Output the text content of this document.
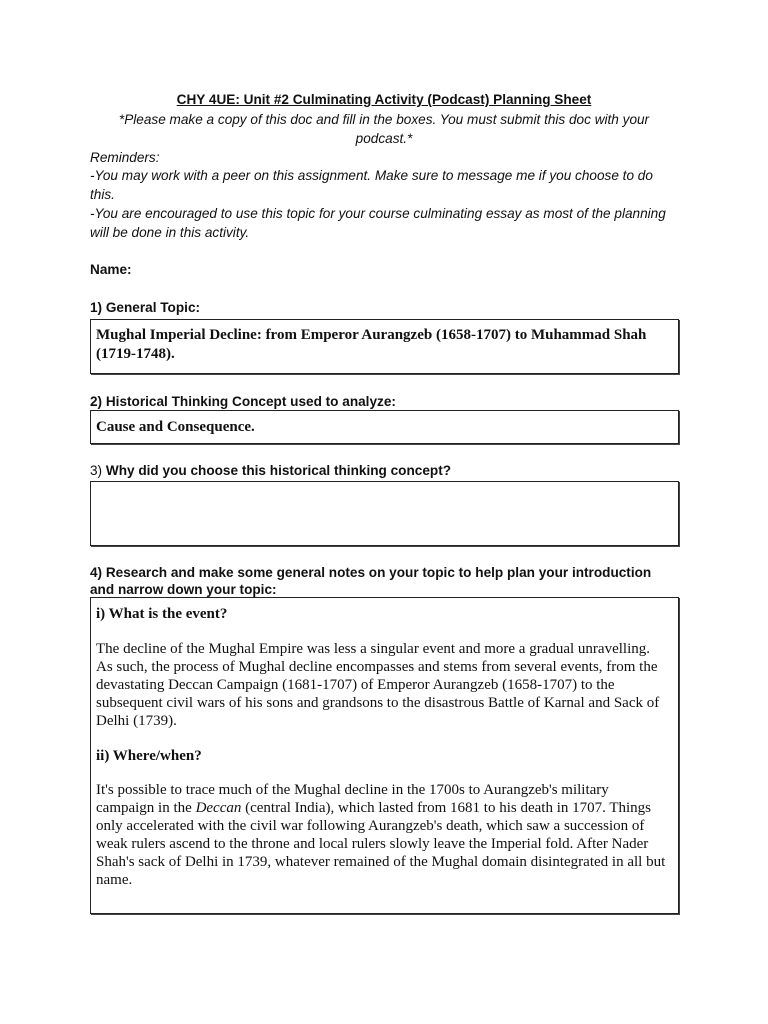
CHY 4UE: Unit #2 Culminating Activity (Podcast) Planning Sheet
*Please make a copy of this doc and fill in the boxes. You must submit this doc with your
podcast.*
Reminders:
-You may work with a peer on this assignment. Make sure to message me if you choose to do
this.
-You are encouraged to use this topic for your course culminating essay as most of the planning
will be done in this activity.
Name:
1) General Topic:
Mughal Imperial Decline: from Emperor Aurangzeb (1658-1707) to Muhammad Shah
(1719-1748).
2) Historical Thinking Concept used to analyze:
Cause and Consequence.
3) Why did you choose this historical thinking concept?
4) Research and make some general notes on your topic to help plan your introduction
and narrow down your topic:
i) What is the event?
The decline of the Mughal Empire was less a singular event and more a gradual unravelling.
As such, the process of Mughal decline encompasses and stems from several events, from the
devastating Deccan Campaign (1681-1707) of Emperor Aurangzeb (1658-1707) to the
subsequent civil wars of his sons and grandsons to the disastrous Battle of Karnal and Sack of
Delhi (1739).
ii) Where/when?
It's possible to trace much of the Mughal decline in the 1700s to Aurangzeb's military
campaign in the Deccan (central India), which lasted from 1681 to his death in 1707. Things
only accelerated with the civil war following Aurangzeb's death, which saw a succession of
weak rulers ascend to the throne and local rulers slowly leave the Imperial fold. After Nader
Shah's sack of Delhi in 1739, whatever remained of the Mughal domain disintegrated in all but
name.
